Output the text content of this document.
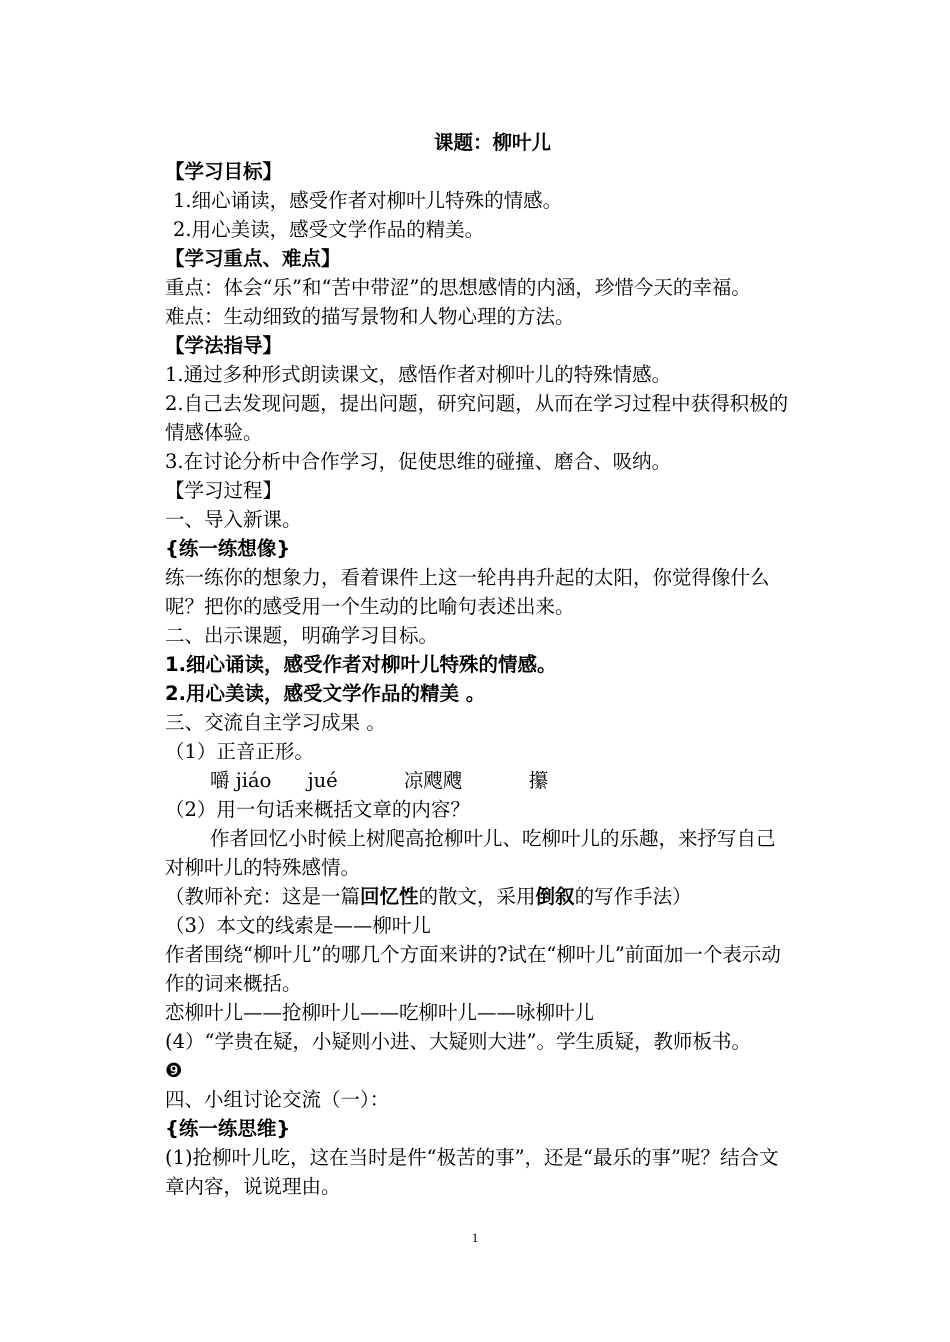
课题：柳叶儿
【学习目标】
1.细心诵读，感受作者对柳叶儿特殊的情感。
2.用心美读，感受文学作品的精美。
【学习重点、难点】
重点：体会“乐”和“苦中带涩”的思想感情的内涵，珍惜今天的幸福。
难点：生动细致的描写景物和人物心理的方法。
【学法指导】
1.通过多种形式朗读课文，感悟作者对柳叶儿的特殊情感。
2.自己去发现问题，提出问题，研究问题，从而在学习过程中获得积极的情感体验。
3.在讨论分析中合作学习，促使思维的碰撞、磨合、吸纳。
【学习过程】
一、导入新课。
{练一练想像}
练一练你的想象力，看着课件上这一轮冉冉升起的太阳，你觉得像什么呢？把你的感受用一个生动的比喻句表述出来。
二、出示课题，明确学习目标。
1.细心诵读，感受作者对柳叶儿特殊的情感。
2.用心美读，感受文学作品的精美 。
三、交流自主学习成果 。
（1）正音正形。
嚼 jiáo jué	凉飕飕	攥
（2）用一句话来概括文章的内容？
作者回忆小时候上树爬高抢柳叶儿、吃柳叶儿的乐趣，来抒写自己对柳叶儿的特殊感情。
（教师补充：这是一篇回忆性的散文，采用倒叙的写作手法）
（3）本文的线索是——柳叶儿
作者围绕“柳叶儿”的哪几个方面来讲的?试在“柳叶儿”前面加一个表示动作的词来概括。
恋柳叶儿——抢柳叶儿——吃柳叶儿——咏柳叶儿
(4）“学贵在疑，小疑则小进、大疑则大进”。学生质疑，教师板书。
❾
四、小组讨论交流（一）：
{练一练思维}
(1)抢柳叶儿吃，这在当时是件“极苦的事”，还是“最乐的事”呢？结合文章内容，说说理由。
1
